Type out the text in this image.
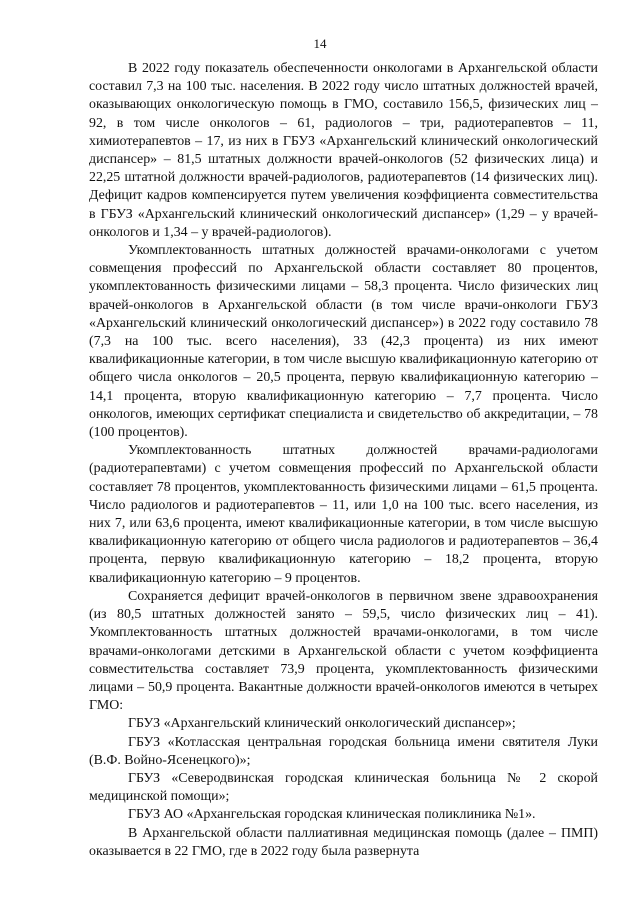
14

В 2022 году показатель обеспеченности онкологами в Архангельской области составил 7,3 на 100 тыс. населения. В 2022 году число штатных должностей врачей, оказывающих онкологическую помощь в ГМО, составило 156,5, физических лиц – 92, в том числе онкологов – 61, радиологов – три, радиотерапевтов – 11, химиотерапевтов – 17, из них в ГБУЗ «Архангельский клинический онкологический диспансер» – 81,5 штатных должности врачей-онкологов (52 физических лица) и 22,25 штатной должности врачей-радиологов, радиотерапевтов (14 физических лиц). Дефицит кадров компенсируется путем увеличения коэффициента совместительства в ГБУЗ «Архангельский клинический онкологический диспансер» (1,29 – у врачей-онкологов и 1,34 – у врачей-радиологов).

Укомплектованность штатных должностей врачами-онкологами с учетом совмещения профессий по Архангельской области составляет 80 процентов, укомплектованность физическими лицами – 58,3 процента. Число физических лиц врачей-онкологов в Архангельской области (в том числе врачи-онкологи ГБУЗ «Архангельский клинический онкологический диспансер») в 2022 году составило 78 (7,3 на 100 тыс. всего населения), 33 (42,3 процента) из них имеют квалификационные категории, в том числе высшую квалификационную категорию от общего числа онкологов – 20,5 процента, первую квалификационную категорию – 14,1 процента, вторую квалификационную категорию – 7,7 процента. Число онкологов, имеющих сертификат специалиста и свидетельство об аккредитации, – 78 (100 процентов).

Укомплектованность штатных должностей врачами-радиологами (радиотерапевтами) с учетом совмещения профессий по Архангельской области составляет 78 процентов, укомплектованность физическими лицами – 61,5 процента. Число радиологов и радиотерапевтов – 11, или 1,0 на 100 тыс. всего населения, из них 7, или 63,6 процента, имеют квалификационные категории, в том числе высшую квалификационную категорию от общего числа радиологов и радиотерапевтов – 36,4 процента, первую квалификационную категорию – 18,2 процента, вторую квалификационную категорию – 9 процентов.

Сохраняется дефицит врачей-онкологов в первичном звене здравоохранения (из 80,5 штатных должностей занято – 59,5, число физических лиц – 41). Укомплектованность штатных должностей врачами-онкологами, в том числе врачами-онкологами детскими в Архангельской области с учетом коэффициента совместительства составляет 73,9 процента, укомплектованность физическими лицами – 50,9 процента. Вакантные должности врачей-онкологов имеются в четырех ГМО:

ГБУЗ «Архангельский клинический онкологический диспансер»;

ГБУЗ «Котласская центральная городская больница имени святителя Луки (В.Ф. Войно-Ясенецкого)»;

ГБУЗ «Северодвинская городская клиническая больница № 2 скорой медицинской помощи»;

ГБУЗ АО «Архангельская городская клиническая поликлиника №1».

В Архангельской области паллиативная медицинская помощь (далее – ПМП) оказывается в 22 ГМО, где в 2022 году была развернута
